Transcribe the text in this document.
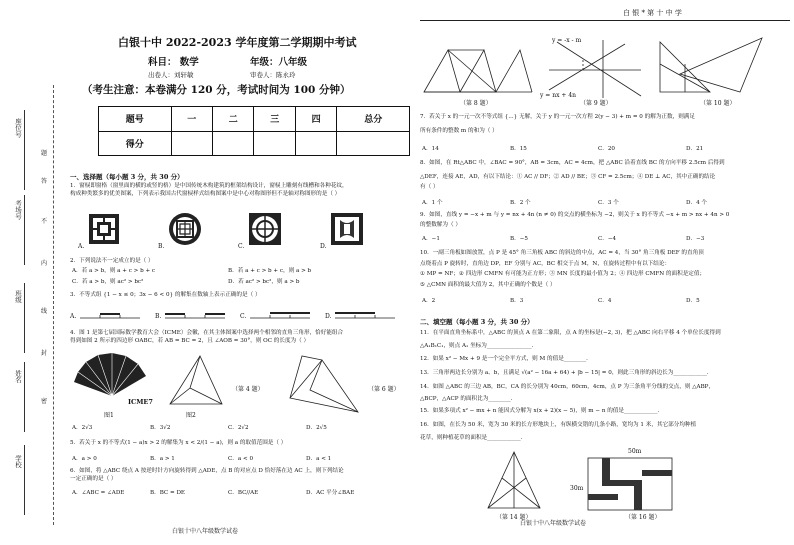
白 银 * 第 十 中 学
座位号
考场号
班级
姓名
学校
题
答
不
内
线
封
密
白银十中 2022-2023 学年度第二学期期中考试
科目： 数学	年级：八年级
出卷人：刘轩敏	审卷人：陈永玲
（考生注意：本卷满分 120 分，考试时间为 100 分钟）
题号	一	二	三	四	总分
得分					
一、选择题（每小题 3 分，共 30 分）
1．窗棂即窗格（窗里面的横的或竖的格）是中国传统木构建筑的框架结构设计，窗棂上雕刻有线槽和各种花纹，
构成种类繁多的优美图案，下列表示我国古代窗棂样式结构图案中是中心对称图形但不是轴对称图形的是（ ）
A.	B.	C.	D.
2．下列说法不一定成立的是（ ）
A．若 a > b，则 a + c > b + c	B．若 a + c > b + c，则 a > b
C．若 a > b，则 ac² > bc²	D．若 ac² > bc²，则 a > b
3．不等式组 {1 − x ≤ 0；3x − 6 < 0} 的解集在数轴上表示正确的是（ ）
A.	B.	C.	D.
4．图 1 是第七届国际数学教育大会（ICME）会徽，在其主体图案中选择两个相邻的直角三角形，恰好能组合
得到如图 2 所示的四边形 OABC，若 AB = BC = 2，且 ∠AOB = 30°，则 OC 的长度为（ ）
ICME7
图1	图2
（第 4 题）	（第 6 题）
A．2√3	B．3√2	C．2√2	D．2√5
5．若关于 x 的不等式(1 − a)x > 2 的解集为 x < 2/(1 − a)，则 a 的取值范围是（ ）
A．a > 0	B．a > 1	C．a < 0	D．a < 1
6．如图，将 △ABC 绕点 A 按逆时针方向旋转得到 △ADE，点 B 的对应点 D 恰好落在边 AC 上，则下列结论
一定正确的是（ ）
A．∠ABC = ∠ADE	B．BC = DE	C．BC//AE	D．AC 平分∠BAE
白银十中八年级数学试卷
（第 8 题）
y = -x - m
y = nx + 4n
（第 9 题）	（第 10 题）
7．若关于 x 的一元一次不等式组 {...} 无解，关于 y 的一元一次方程 2(y − 3) + m = 0 的解为正数，则满足
所有条件的整数 m 的和为（ ）
A．14	B．15	C．20	D．21
8．如图，在 Rt△ABC 中，∠BAC = 90°，AB = 3cm，AC = 4cm，把 △ABC 沿着直线 BC 的方向平移 2.5cm 后得到
△DEF，连接 AE，AD，有以下结论：① AC // DF；② AD // BE；③ CF = 2.5cm；④ DE ⊥ AC，其中正确的结论
有（ ）
A．1 个	B．2 个	C．3 个	D．4 个
9．如图，直线 y = −x + m 与 y = nx + 4n (n ≠ 0) 的交点的横坐标为 −2，则关于 x 的不等式 −x + m > nx + 4n > 0
的整数解为（ ）
A．−1	B．−5	C．−4	D．−3
10．一副三角板如图放置，点 P 是 45° 角三角板 ABC 的斜边的中点，AC = 4，当 30° 角三角板 DEF 的直角顶
点绕着点 P 旋转时，直角边 DP，EF 分别与 AC，BC 相交于点 M，N，在旋转过程中有以下结论：
① MP = NF；② 四边形 CMFN 有可能为正方形；③ MN 长度的最小值为 2；④ 四边形 CMFN 的面积是定值；
⑤ △CMN 面积的最大值为 2，其中正确的个数是（ ）
A．2	B．3	C．4	D．5
二、填空题（每小题 3 分，共 30 分）
11．在平面直角坐标系中，△ABC 的顶点 A 在第二象限，点 A 的坐标是(−2, 3)，把 △ABC 向右平移 4 个单位长度得到
△A₁B₁C₁，则点 A₁ 坐标为________________.
12．如果 x² − Mx + 9 是一个完全平方式，则 M 的值是________.
13．三角形两边长分别为 a、b，且满足 √(a² − 16a + 64) + |b − 15| = 0，则此三角形的斜边长为____________.
14．如图 △ABC 的三边 AB，BC，CA 的长分别为 40cm，60cm，4cm，点 P 为三条角平分线的交点，则 △ABP，
△BCP，△ACP 的面积比为________.
15．如果多项式 x² − mx + n 能因式分解为 x(x + 2)(x − 5)，则 m − n 的值是____________.
16．如图，在长为 50 米，宽为 30 米的长方形地块上，有纵横交错的几条小路，宽均为 1 米，其它部分均种植
花草，则种植花草的面积是____________.
（第 14 题）
50m
30m
（第 16 题）
白银十中八年级数学试卷
